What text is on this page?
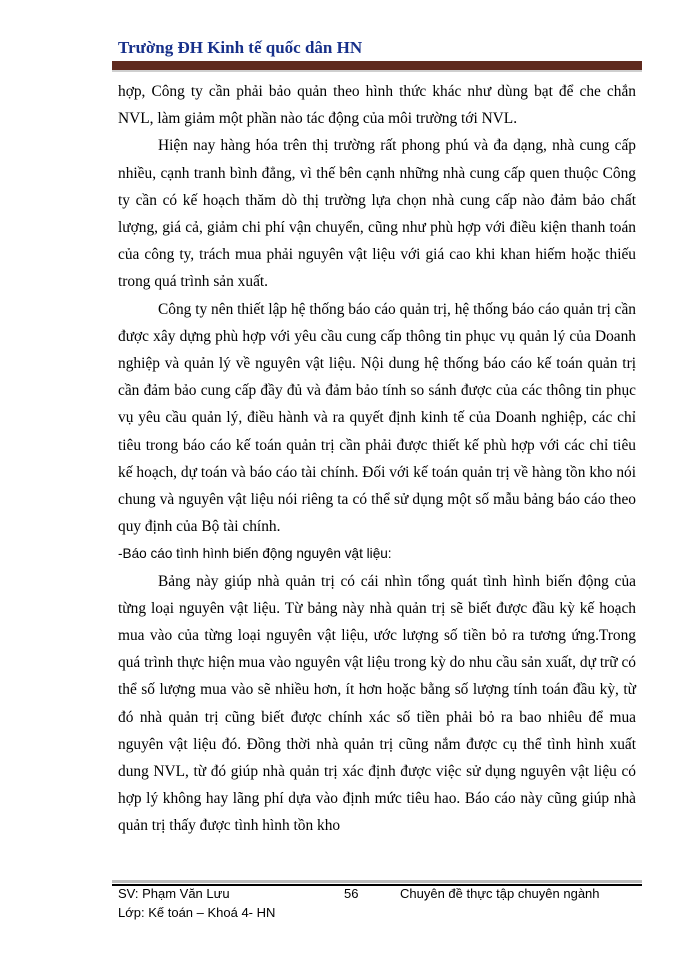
Trường ĐH Kinh tế quốc dân HN

hợp, Công ty cần phải bảo quản theo hình thức khác như dùng bạt để che chắn NVL, làm giảm một phần nào tác động của môi trường tới NVL.

Hiện nay hàng hóa trên thị trường rất phong phú và đa dạng, nhà cung cấp nhiều, cạnh tranh bình đẳng, vì thế bên cạnh những nhà cung cấp quen thuộc Công ty cần có kế hoạch thăm dò thị trường lựa chọn nhà cung cấp nào đảm bảo chất lượng, giá cả, giảm chi phí vận chuyển, cũng như phù hợp với điều kiện thanh toán của công ty, trách mua phải nguyên vật liệu với giá cao khi khan hiếm hoặc thiếu trong quá trình sản xuất.

Công ty nên thiết lập hệ thống báo cáo quản trị, hệ thống báo cáo quản trị cần được xây dựng phù hợp với yêu cầu cung cấp thông tin phục vụ quản lý của Doanh nghiệp và quản lý về nguyên vật liệu. Nội dung hệ thống báo cáo kế toán quản trị cần đảm bảo cung cấp đầy đủ và đảm bảo tính so sánh được của các thông tin phục vụ yêu cầu quản lý, điều hành và ra quyết định kinh tế của Doanh nghiệp, các chỉ tiêu trong báo cáo kế toán quản trị cần phải được thiết kế phù hợp với các chỉ tiêu kế hoạch, dự toán và báo cáo tài chính. Đối với kế toán quản trị về hàng tồn kho nói chung và nguyên vật liệu nói riêng ta có thể sử dụng một số mẫu bảng báo cáo theo quy định của Bộ tài chính.

-Báo cáo tình hình biến động nguyên vật liệu:

Bảng này giúp nhà quản trị có cái nhìn tổng quát tình hình biến động của từng loại nguyên vật liệu. Từ bảng này nhà quản trị sẽ biết được đầu kỳ kế hoạch mua vào của từng loại nguyên vật liệu, ước lượng số tiền bỏ ra tương ứng.Trong quá trình thực hiện mua vào nguyên vật liệu trong kỳ do nhu cầu sản xuất, dự trữ có thể số lượng mua vào sẽ nhiều hơn, ít hơn hoặc bằng số lượng tính toán đầu kỳ, từ đó nhà quản trị cũng biết được chính xác số tiền phải bỏ ra bao nhiêu để mua nguyên vật liệu đó. Đồng thời nhà quản trị cũng nắm được cụ thể tình hình xuất dung NVL, từ đó giúp nhà quản trị xác định được việc sử dụng nguyên vật liệu có hợp lý không hay lãng phí dựa vào định mức tiêu hao. Báo cáo này cũng giúp nhà quản trị thấy được tình hình tồn kho

SV: Phạm Văn Lưu	56	Chuyên đề thực tập chuyên ngành
Lớp: Kế toán – Khoá 4- HN
